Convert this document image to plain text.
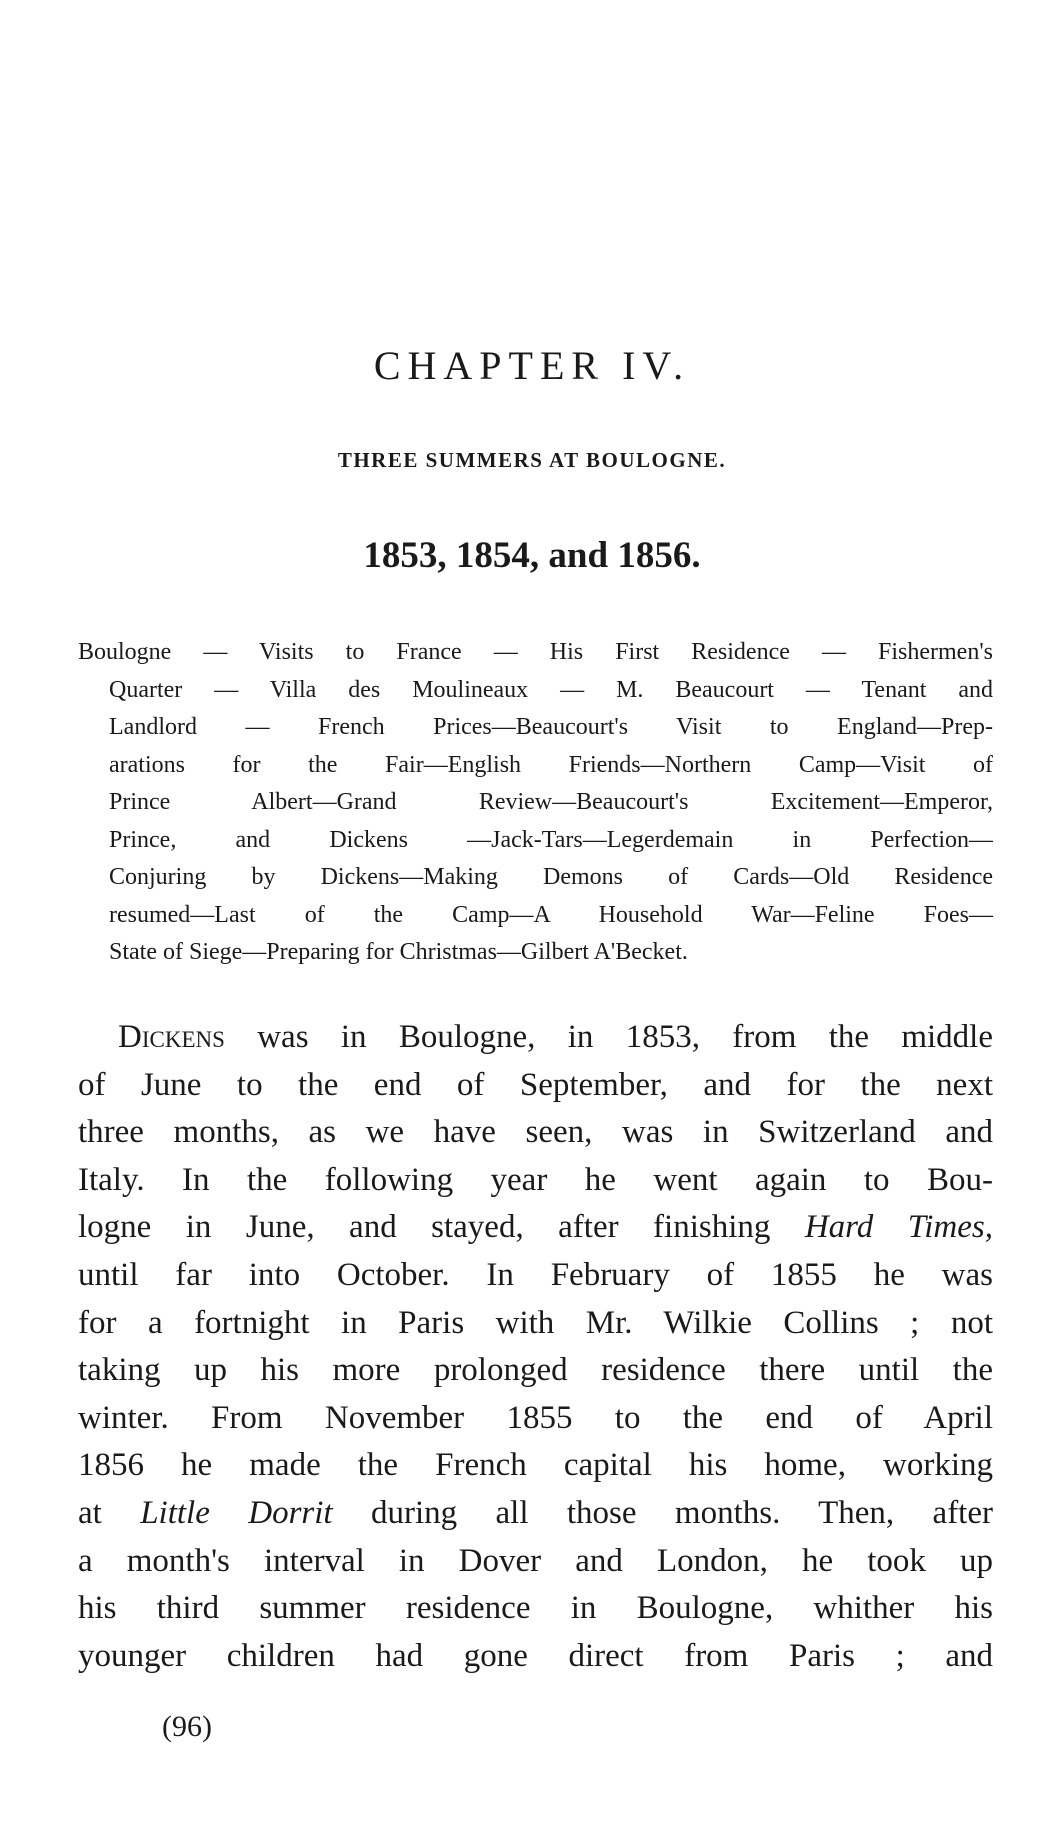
CHAPTER IV.
THREE SUMMERS AT BOULOGNE.
1853, 1854, and 1856.
Boulogne — Visits to France — His First Residence — Fishermen's
Quarter — Villa des Moulineaux — M. Beaucourt — Tenant and
Landlord — French Prices—Beaucourt's Visit to England—Prep-
arations for the Fair—English Friends—Northern Camp—Visit of
Prince Albert—Grand Review—Beaucourt's Excitement—Emperor,
Prince, and Dickens —Jack-Tars—Legerdemain in Perfection—
Conjuring by Dickens—Making Demons of Cards—Old Residence
resumed—Last of the Camp—A Household War—Feline Foes—
State of Siege—Preparing for Christmas—Gilbert A'Becket.
Dickens was in Boulogne, in 1853, from the middle
of June to the end of September, and for the next
three months, as we have seen, was in Switzerland and
Italy. In the following year he went again to Bou-
logne in June, and stayed, after finishing Hard Times,
until far into October. In February of 1855 he was
for a fortnight in Paris with Mr. Wilkie Collins ; not
taking up his more prolonged residence there until the
winter. From November 1855 to the end of April
1856 he made the French capital his home, working
at Little Dorrit during all those months. Then, after
a month's interval in Dover and London, he took up
his third summer residence in Boulogne, whither his
younger children had gone direct from Paris ; and
(96)
